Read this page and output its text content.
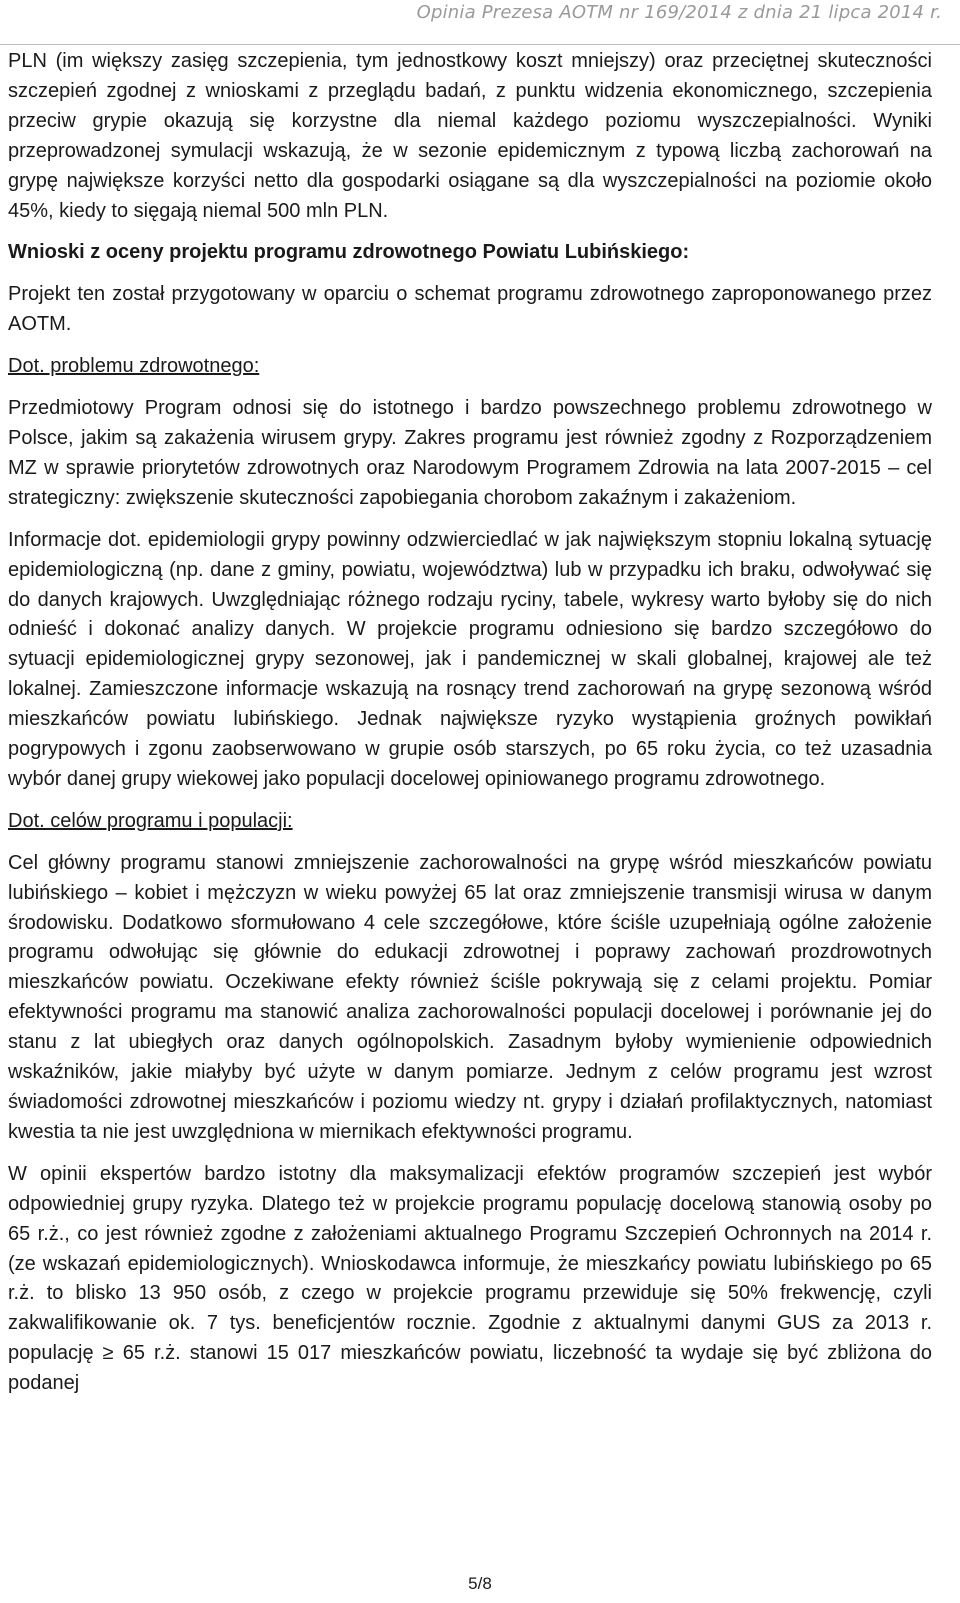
Opinia Prezesa AOTM nr 169/2014 z dnia 21 lipca 2014 r.

PLN (im większy zasięg szczepienia, tym jednostkowy koszt mniejszy) oraz przeciętnej skuteczności szczepień zgodnej z wnioskami z przeglądu badań, z punktu widzenia ekonomicznego, szczepienia przeciw grypie okazują się korzystne dla niemal każdego poziomu wyszczepialności. Wyniki przeprowadzonej symulacji wskazują, że w sezonie epidemicznym z typową liczbą zachorowań na grypę największe korzyści netto dla gospodarki osiągane są dla wyszczepialności na poziomie około 45%, kiedy to sięgają niemal 500 mln PLN.

Wnioski z oceny projektu programu zdrowotnego Powiatu Lubińskiego:

Projekt ten został przygotowany w oparciu o schemat programu zdrowotnego zaproponowanego przez AOTM.

Dot. problemu zdrowotnego:

Przedmiotowy Program odnosi się do istotnego i bardzo powszechnego problemu zdrowotnego w Polsce, jakim są zakażenia wirusem grypy. Zakres programu jest również zgodny z Rozporządzeniem MZ w sprawie priorytetów zdrowotnych oraz Narodowym Programem Zdrowia na lata 2007-2015 – cel strategiczny: zwiększenie skuteczności zapobiegania chorobom zakaźnym i zakażeniom.

Informacje dot. epidemiologii grypy powinny odzwierciedlać w jak największym stopniu lokalną sytuację epidemiologiczną (np. dane z gminy, powiatu, województwa) lub w przypadku ich braku, odwoływać się do danych krajowych. Uwzględniając różnego rodzaju ryciny, tabele, wykresy warto byłoby się do nich odnieść i dokonać analizy danych. W projekcie programu odniesiono się bardzo szczegółowo do sytuacji epidemiologicznej grypy sezonowej, jak i pandemicznej w skali globalnej, krajowej ale też lokalnej. Zamieszczone informacje wskazują na rosnący trend zachorowań na grypę sezonową wśród mieszkańców powiatu lubińskiego. Jednak największe ryzyko wystąpienia groźnych powikłań pogrypowych i zgonu zaobserwowano w grupie osób starszych, po 65 roku życia, co też uzasadnia wybór danej grupy wiekowej jako populacji docelowej opiniowanego programu zdrowotnego.

Dot. celów programu i populacji:

Cel główny programu stanowi zmniejszenie zachorowalności na grypę wśród mieszkańców powiatu lubińskiego – kobiet i mężczyzn w wieku powyżej 65 lat oraz zmniejszenie transmisji wirusa w danym środowisku. Dodatkowo sformułowano 4 cele szczegółowe, które ściśle uzupełniają ogólne założenie programu odwołując się głównie do edukacji zdrowotnej i poprawy zachowań prozdrowotnych mieszkańców powiatu. Oczekiwane efekty również ściśle pokrywają się z celami projektu. Pomiar efektywności programu ma stanowić analiza zachorowalności populacji docelowej i porównanie jej do stanu z lat ubiegłych oraz danych ogólnopolskich. Zasadnym byłoby wymienienie odpowiednich wskaźników, jakie miałyby być użyte w danym pomiarze. Jednym z celów programu jest wzrost świadomości zdrowotnej mieszkańców i poziomu wiedzy nt. grypy i działań profilaktycznych, natomiast kwestia ta nie jest uwzględniona w miernikach efektywności programu.

W opinii ekspertów bardzo istotny dla maksymalizacji efektów programów szczepień jest wybór odpowiedniej grupy ryzyka. Dlatego też w projekcie programu populację docelową stanowią osoby po 65 r.ż., co jest również zgodne z założeniami aktualnego Programu Szczepień Ochronnych na 2014 r. (ze wskazań epidemiologicznych). Wnioskodawca informuje, że mieszkańcy powiatu lubińskiego po 65 r.ż. to blisko 13 950 osób, z czego w projekcie programu przewiduje się 50% frekwencję, czyli zakwalifikowanie ok. 7 tys. beneficjentów rocznie. Zgodnie z aktualnymi danymi GUS za 2013 r. populację ≥ 65 r.ż. stanowi 15 017 mieszkańców powiatu, liczebność ta wydaje się być zbliżona do podanej

5/8
